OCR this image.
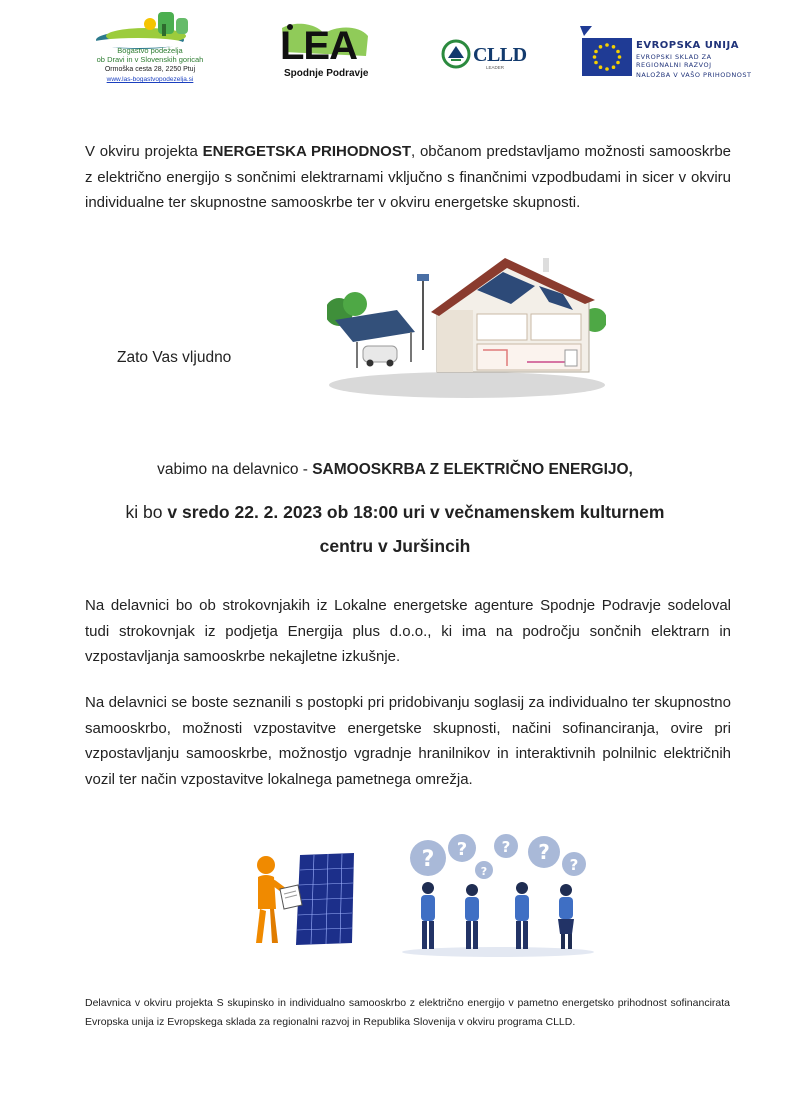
Bogastvo podeželja
ob Dravi in v Slovenskih goricah
Ormoška cesta 28, 2250 Ptuj
www.las-bogastvopodezelja.si
LEA
Spodnje Podravje
CLLD
LEADER
EVROPSKA UNIJA
EVROPSKI SKLAD ZA
REGIONALNI RAZVOJ
NALOŽBA V VAŠO PRIHODNOST
V okviru projekta ENERGETSKA PRIHODNOST, občanom predstavljamo možnosti samooskrbe z električno energijo s sončnimi elektrarnami vključno s finančnimi vzpodbudami in sicer v okviru individualne ter skupnostne samooskrbe ter v okviru energetske skupnosti.
Zato Vas vljudno
vabimo na delavnico - SAMOOSKRBA Z ELEKTRIČNO ENERGIJO,
ki bo v sredo 22. 2. 2023 ob 18:00 uri v večnamenskem kulturnem
centru v Juršincih
Na delavnici bo ob strokovnjakih iz Lokalne energetske agenture Spodnje Podravje sodeloval tudi strokovnjak iz podjetja Energija plus d.o.o., ki ima na področju sončnih elektrarn in vzpostavljanja samooskrbe nekajletne izkušnje.
Na delavnici se boste seznanili s postopki pri pridobivanju soglasij za individualno ter skupnostno samooskrbo, možnosti vzpostavitve energetske skupnosti, načini sofinanciranja, ovire pri vzpostavljanju samooskrbe, možnostjo vgradnje hranilnikov in interaktivnih polnilnic električnih vozil ter način vzpostavitve lokalnega pametnega omrežja.
? ? ? ?
?
?
Delavnica v okviru projekta S skupinsko in individualno samooskrbo z električno energijo v pametno energetsko prihodnost sofinancirata Evropska unija iz Evropskega sklada za regionalni razvoj in Republika Slovenija v okviru programa CLLD.
